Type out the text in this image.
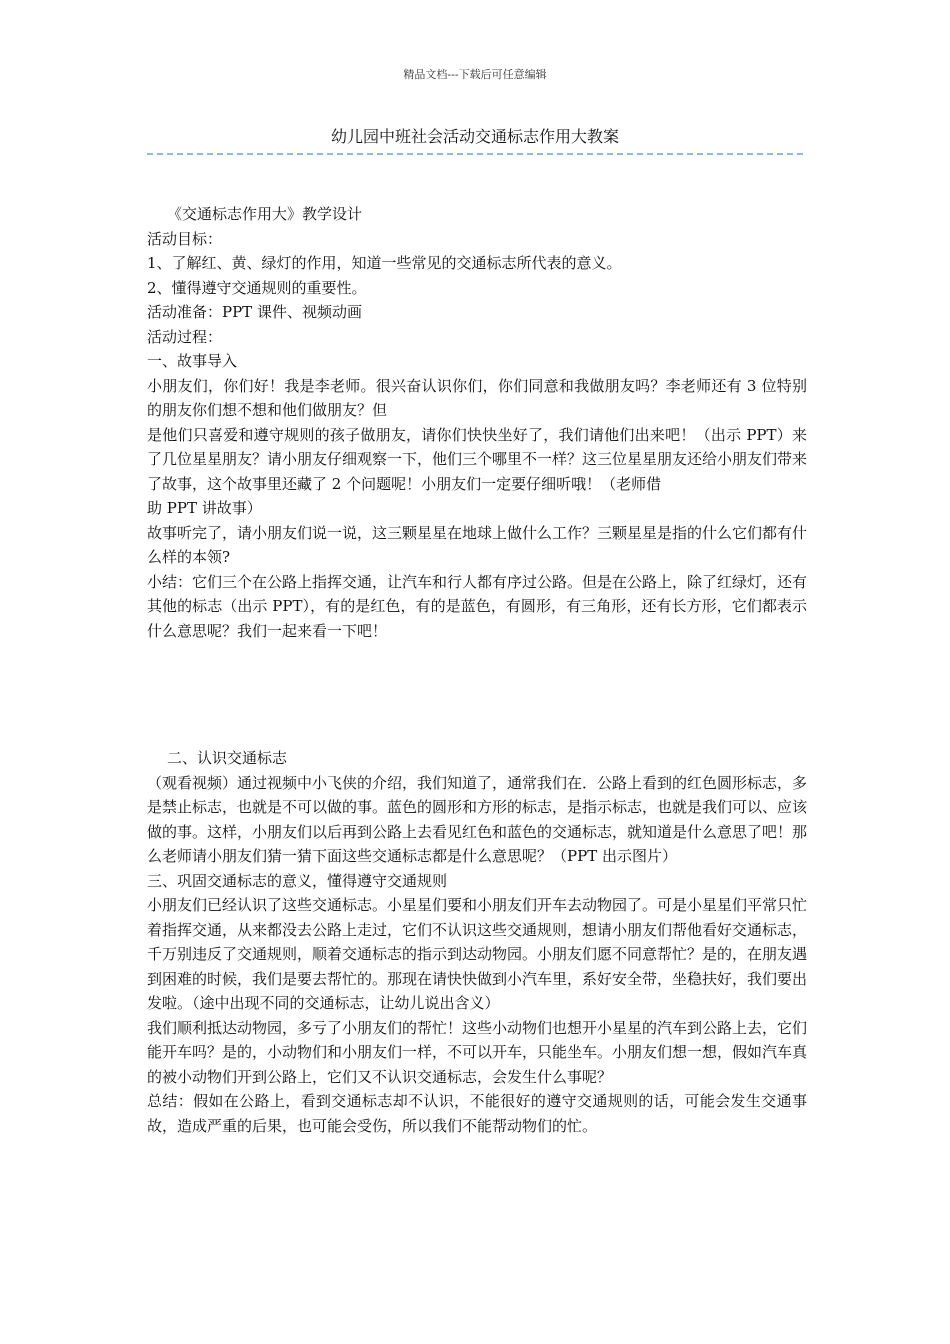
精品文档---下载后可任意编辑
幼儿园中班社会活动交通标志作用大教案

《交通标志作用大》教学设计

活动目标：

1、了解红、黄、绿灯的作用，知道一些常见的交通标志所代表的意义。

2、懂得遵守交通规则的重要性。

活动准备：PPT 课件、视频动画

活动过程：

一、故事导入

小朋友们，你们好！我是李老师。很兴奋认识你们，你们同意和我做朋友吗？李老师还有 3 位特别的朋友你们想不想和他们做朋友？但

是他们只喜爱和遵守规则的孩子做朋友，请你们快快坐好了，我们请他们出来吧！（出示 PPT）来了几位星星朋友？请小朋友仔细观察一下，他们三个哪里不一样？这三位星星朋友还给小朋友们带来了故事，这个故事里还藏了 2 个问题呢！小朋友们一定要仔细听哦！（老师借

助 PPT 讲故事）

故事听完了，请小朋友们说一说，这三颗星星在地球上做什么工作？三颗星星是指的什么它们都有什么样的本领?

小结：它们三个在公路上指挥交通，让汽车和行人都有序过公路。但是在公路上，除了红绿灯，还有其他的标志（出示 PPT），有的是红色，有的是蓝色，有圆形，有三角形，还有长方形，它们都表示什么意思呢？我们一起来看一下吧！

二、认识交通标志

（观看视频）通过视频中小飞侠的介绍，我们知道了，通常我们在．公路上看到的红色圆形标志，多是禁止标志，也就是不可以做的事。蓝色的圆形和方形的标志，是指示标志，也就是我们可以、应该做的事。这样，小朋友们以后再到公路上去看见红色和蓝色的交通标志，就知道是什么意思了吧！那么老师请小朋友们猜一猜下面这些交通标志都是什么意思呢？（PPT 出示图片）

三、巩固交通标志的意义，懂得遵守交通规则

小朋友们已经认识了这些交通标志。小星星们要和小朋友们开车去动物园了。可是小星星们平常只忙着指挥交通，从来都没去公路上走过，它们不认识这些交通规则，想请小朋友们帮他看好交通标志，千万别违反了交通规则，顺着交通标志的指示到达动物园。小朋友们愿不同意帮忙？是的，在朋友遇到困难的时候，我们是要去帮忙的。那现在请快快做到小汽车里，系好安全带，坐稳扶好，我们要出发啦。（途中出现不同的交通标志，让幼儿说出含义）

我们顺利抵达动物园，多亏了小朋友们的帮忙！这些小动物们也想开小星星的汽车到公路上去，它们能开车吗？是的，小动物们和小朋友们一样，不可以开车，只能坐车。小朋友们想一想，假如汽车真的被小动物们开到公路上，它们又不认识交通标志，会发生什么事呢？

总结：假如在公路上，看到交通标志却不认识，不能很好的遵守交通规则的话，可能会发生交通事故，造成严重的后果，也可能会受伤，所以我们不能帮动物们的忙。
